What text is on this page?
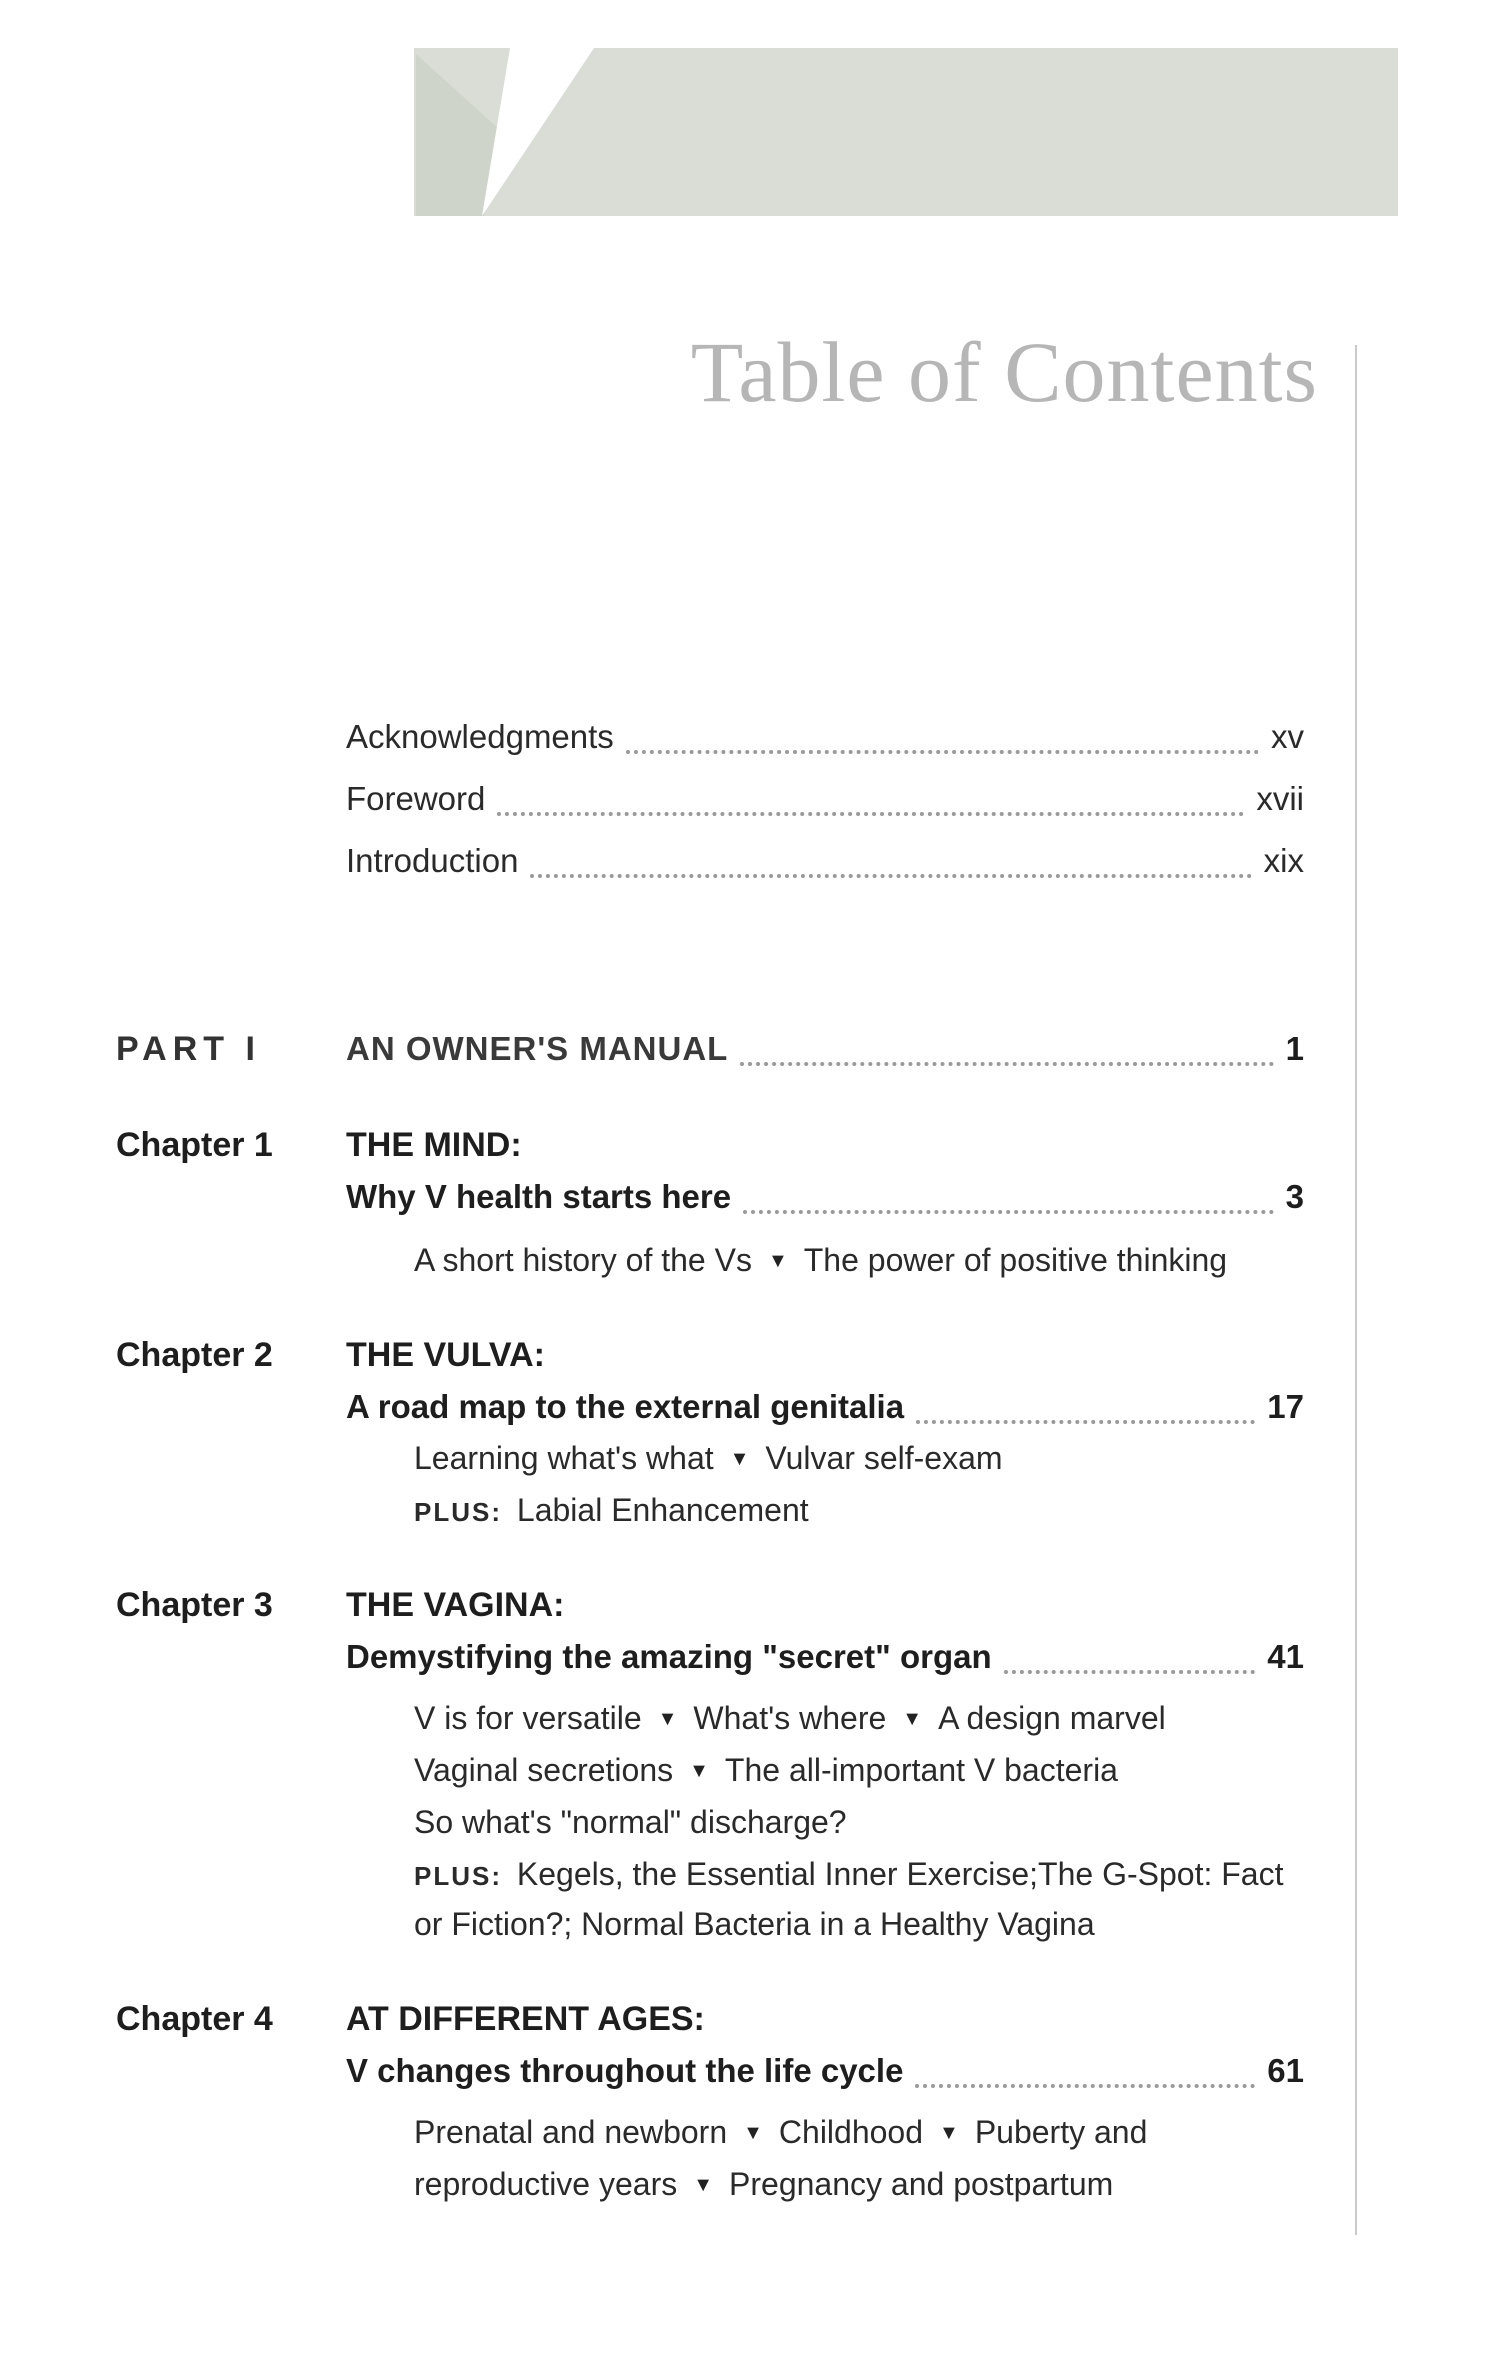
Table of Contents
Acknowledgments	xv
Foreword	xvii
Introduction	xix
PART I	AN OWNER'S MANUAL	1
Chapter 1 THE MIND:
Why V health starts here	3
A short history of the Vs ▼ The power of positive thinking
Chapter 2 THE VULVA:
A road map to the external genitalia	17
Learning what's what ▼ Vulvar self-exam
PLUS: Labial Enhancement
Chapter 3 THE VAGINA:
Demystifying the amazing "secret" organ	41
V is for versatile ▼ What's where ▼ A design marvel
Vaginal secretions ▼ The all-important V bacteria
So what's "normal" discharge?
PLUS: Kegels, the Essential Inner Exercise;The G-Spot: Fact
or Fiction?; Normal Bacteria in a Healthy Vagina
Chapter 4 AT DIFFERENT AGES:
V changes throughout the life cycle	61
Prenatal and newborn ▼ Childhood ▼ Puberty and
reproductive years ▼ Pregnancy and postpartum
